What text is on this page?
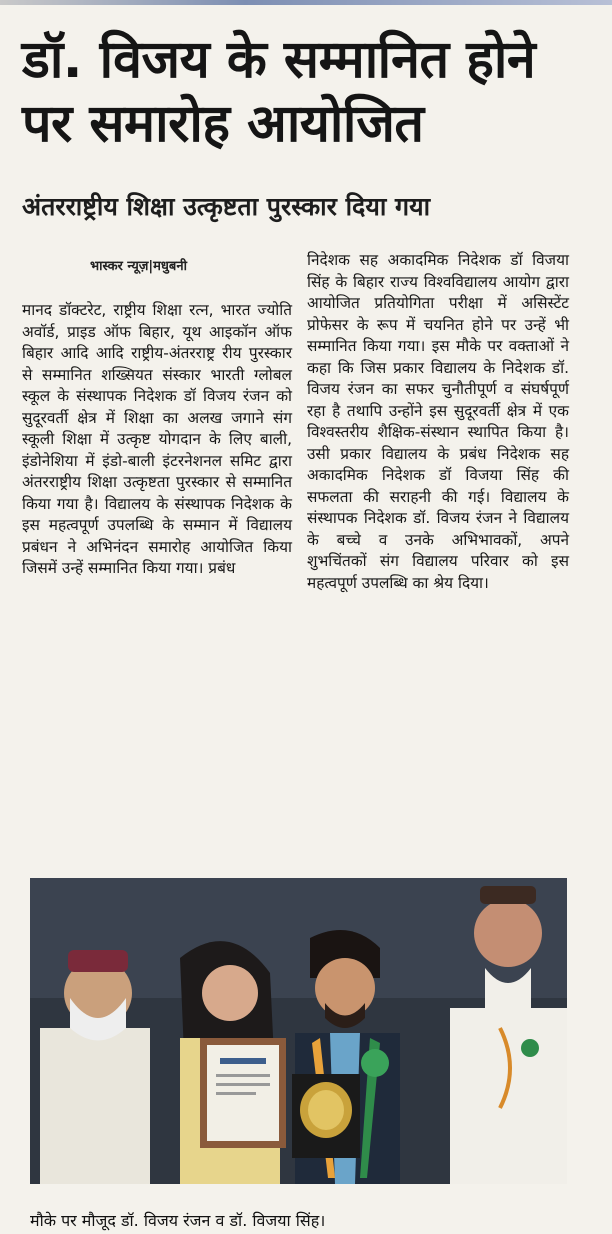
डॉ. विजय के सम्मानित होने पर समारोह आयोजित
अंतरराष्ट्रीय शिक्षा उत्कृष्टता पुरस्कार दिया गया
भास्कर न्यूज़|मधुबनी
मानद डॉक्टरेट, राष्ट्रीय शिक्षा रत्न, भारत ज्योति अवॉर्ड, प्राइड ऑफ बिहार, यूथ आइकॉन ऑफ बिहार आदि आदि राष्ट्रीय-अंतरराष्ट्र रीय पुरस्कार से सम्मानित शख्सियत संस्कार भारती ग्लोबल स्कूल के संस्थापक निदेशक डॉ विजय रंजन को सुदूरवर्ती क्षेत्र में शिक्षा का अलख जगाने संग स्कूली शिक्षा में उत्कृष्ट योगदान के लिए बाली, इंडोनेशिया में इंडो-बाली इंटरनेशनल समिट द्वारा अंतरराष्ट्रीय शिक्षा उत्कृष्टता पुरस्कार से सम्मानित किया गया है। विद्यालय के संस्थापक निदेशक के इस महत्वपूर्ण उपलब्धि के सम्मान में विद्यालय प्रबंधन ने अभिनंदन समारोह आयोजित किया जिसमें उन्हें सम्मानित किया गया। प्रबंध
निदेशक सह अकादमिक निदेशक डॉ विजया सिंह के बिहार राज्य विश्वविद्यालय आयोग द्वारा आयोजित प्रतियोगिता परीक्षा में असिस्टेंट प्रोफेसर के रूप में चयनित होने पर उन्हें भी सम्मानित किया गया। इस मौके पर वक्ताओं ने कहा कि जिस प्रकार विद्यालय के निदेशक डॉ. विजय रंजन का सफर चुनौतीपूर्ण व संघर्षपूर्ण रहा है तथापि उन्होंने इस सुदूरवर्ती क्षेत्र में एक विश्वस्तरीय शैक्षिक-संस्थान स्थापित किया है। उसी प्रकार विद्यालय के प्रबंध निदेशक सह अकादमिक निदेशक डॉ विजया सिंह की सफलता की सराहनी की गई। विद्यालय के संस्थापक निदेशक डॉ. विजय रंजन ने विद्यालय के बच्चे व उनके अभिभावकों, अपने शुभचिंतकों संग विद्यालय परिवार को इस महत्वपूर्ण उपलब्धि का श्रेय दिया।
मौके पर मौजूद डॉ. विजय रंजन व डॉ. विजया सिंह।
